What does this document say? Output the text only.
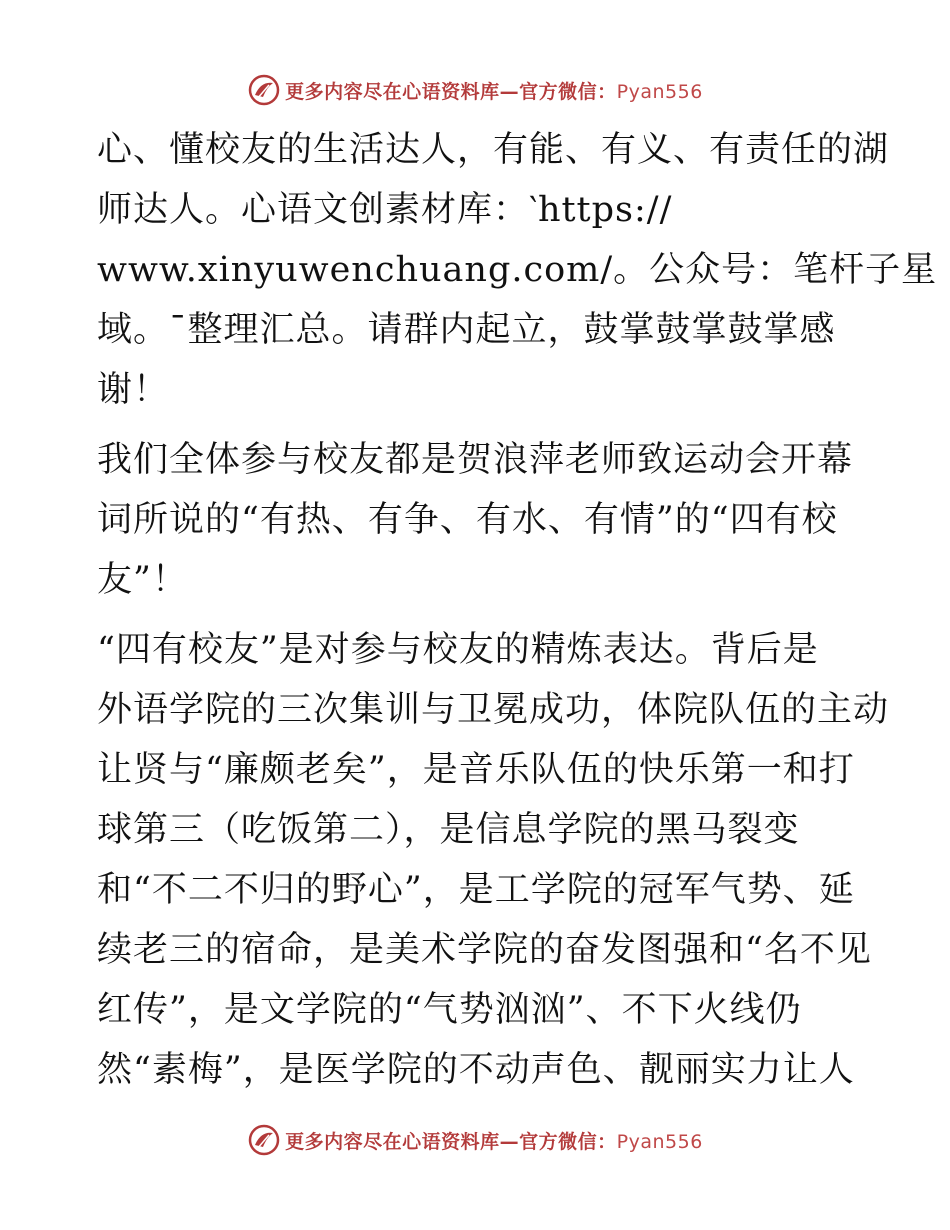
更多内容尽在心语资料库—官方微信：Pyan556
心、懂校友的生活达人，有能、有义、有责任的湖
师达人。心语文创素材库：‵https://
www.xinyuwenchuang.com/。公众号：笔杆子星
域。¯整理汇总。请群内起立，鼓掌鼓掌鼓掌感
谢！
我们全体参与校友都是贺浪萍老师致运动会开幕
词所说的“有热、有争、有水、有情”的“四有校
友”！
“四有校友”是对参与校友的精炼表达。背后是
外语学院的三次集训与卫冕成功，体院队伍的主动
让贤与“廉颇老矣”，是音乐队伍的快乐第一和打
球第三（吃饭第二），是信息学院的黑马裂变
和“不二不归的野心”，是工学院的冠军气势、延
续老三的宿命，是美术学院的奋发图强和“名不见
红传”，是文学院的“气势汹汹”、不下火线仍
然“素梅”，是医学院的不动声色、靓丽实力让人
更多内容尽在心语资料库—官方微信：Pyan556
